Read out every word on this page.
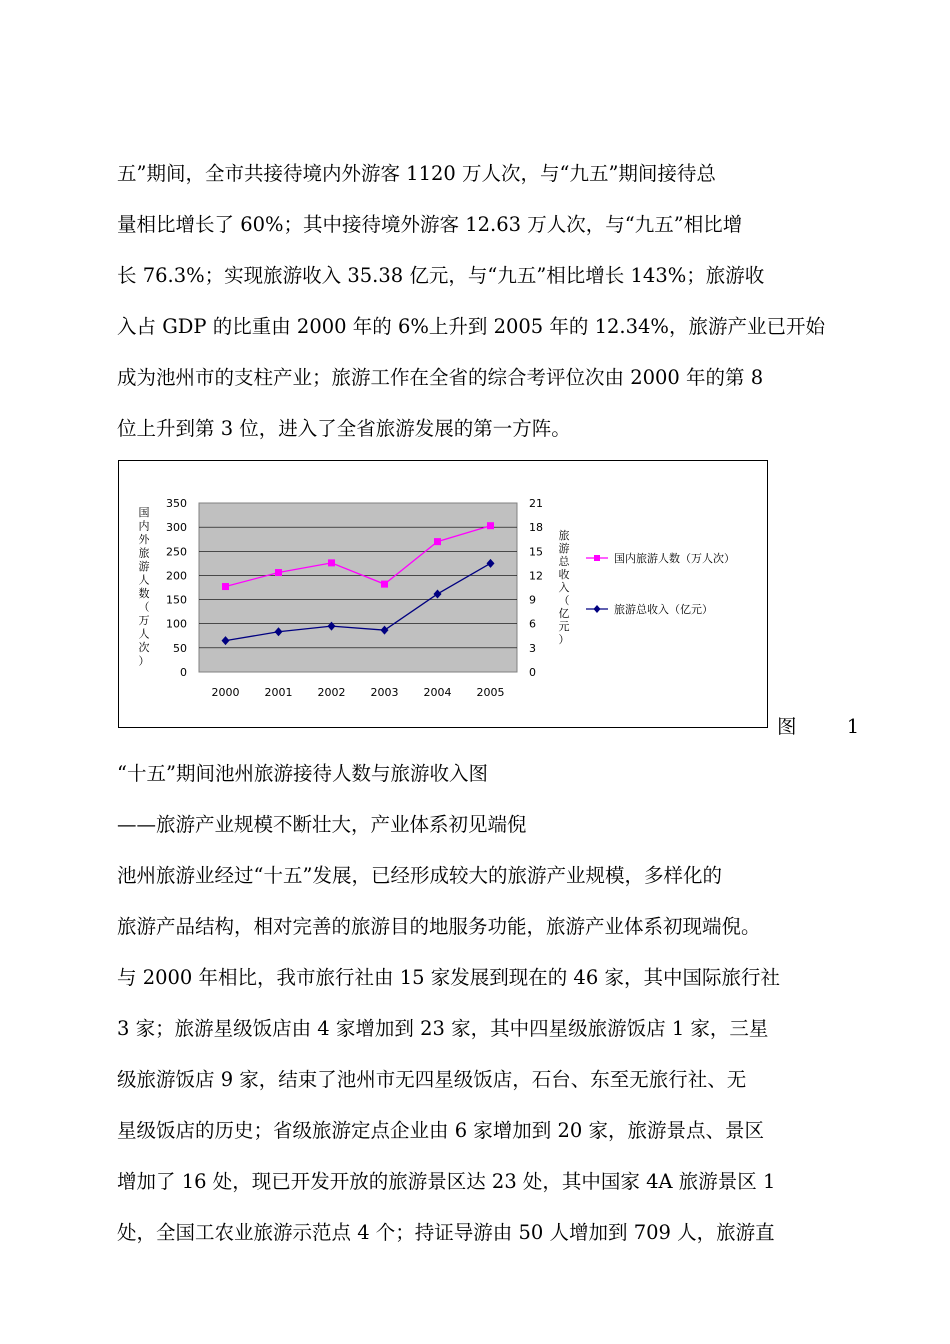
五”期间，全市共接待境内外游客 1120 万人次，与“九五”期间接待总
量相比增长了 60%；其中接待境外游客 12.63 万人次，与“九五”相比增
长 76.3%；实现旅游收入 35.38 亿元，与“九五”相比增长 143%；旅游收
入占 GDP 的比重由 2000 年的 6%上升到 2005 年的 12.34%，旅游产业已开始
成为池州市的支柱产业；旅游工作在全省的综合考评位次由 2000 年的第 8
位上升到第 3 位，进入了全省旅游发展的第一方阵。
0
50
100
150
200
250
300
350
0
3
6
9
12
15
18
21
2000 2001 2002 2003 2004 2005
国
内
外
旅
游
人
数
（
万
人
次
）
旅
游
总
收
入
（
亿
元
）
国内旅游人数（万人次）
旅游总收入（亿元）
图 1
“十五”期间池州旅游接待人数与旅游收入图
——旅游产业规模不断壮大，产业体系初见端倪
池州旅游业经过“十五”发展，已经形成较大的旅游产业规模，多样化的
旅游产品结构，相对完善的旅游目的地服务功能，旅游产业体系初现端倪。
与 2000 年相比，我市旅行社由 15 家发展到现在的 46 家，其中国际旅行社
3 家；旅游星级饭店由 4 家增加到 23 家，其中四星级旅游饭店 1 家，三星
级旅游饭店 9 家，结束了池州市无四星级饭店，石台、东至无旅行社、无
星级饭店的历史；省级旅游定点企业由 6 家增加到 20 家，旅游景点、景区
增加了 16 处，现已开发开放的旅游景区达 23 处，其中国家 4A 旅游景区 1
处，全国工农业旅游示范点 4 个；持证导游由 50 人增加到 709 人，旅游直
